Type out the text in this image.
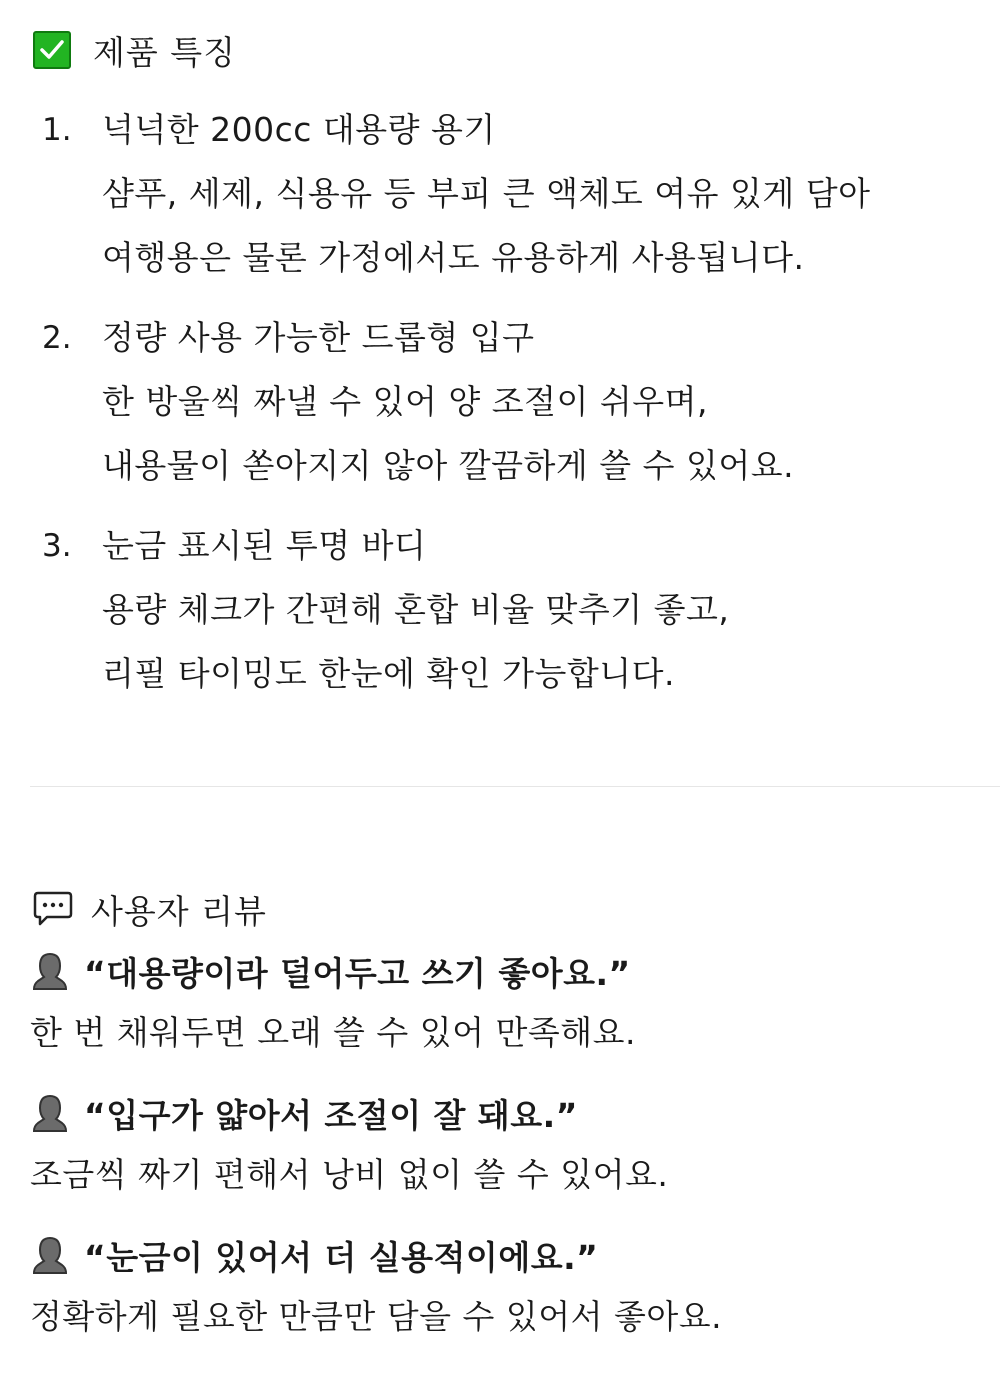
제품 특징
1. 넉넉한 200cc 대용량 용기
샴푸, 세제, 식용유 등 부피 큰 액체도 여유 있게 담아
여행용은 물론 가정에서도 유용하게 사용됩니다.
2. 정량 사용 가능한 드롭형 입구
한 방울씩 짜낼 수 있어 양 조절이 쉬우며,
내용물이 쏟아지지 않아 깔끔하게 쓸 수 있어요.
3. 눈금 표시된 투명 바디
용량 체크가 간편해 혼합 비율 맞추기 좋고,
리필 타이밍도 한눈에 확인 가능합니다.
사용자 리뷰
“대용량이라 덜어두고 쓰기 좋아요.”
한 번 채워두면 오래 쓸 수 있어 만족해요.
“입구가 얇아서 조절이 잘 돼요.”
조금씩 짜기 편해서 낭비 없이 쓸 수 있어요.
“눈금이 있어서 더 실용적이에요.”
정확하게 필요한 만큼만 담을 수 있어서 좋아요.
